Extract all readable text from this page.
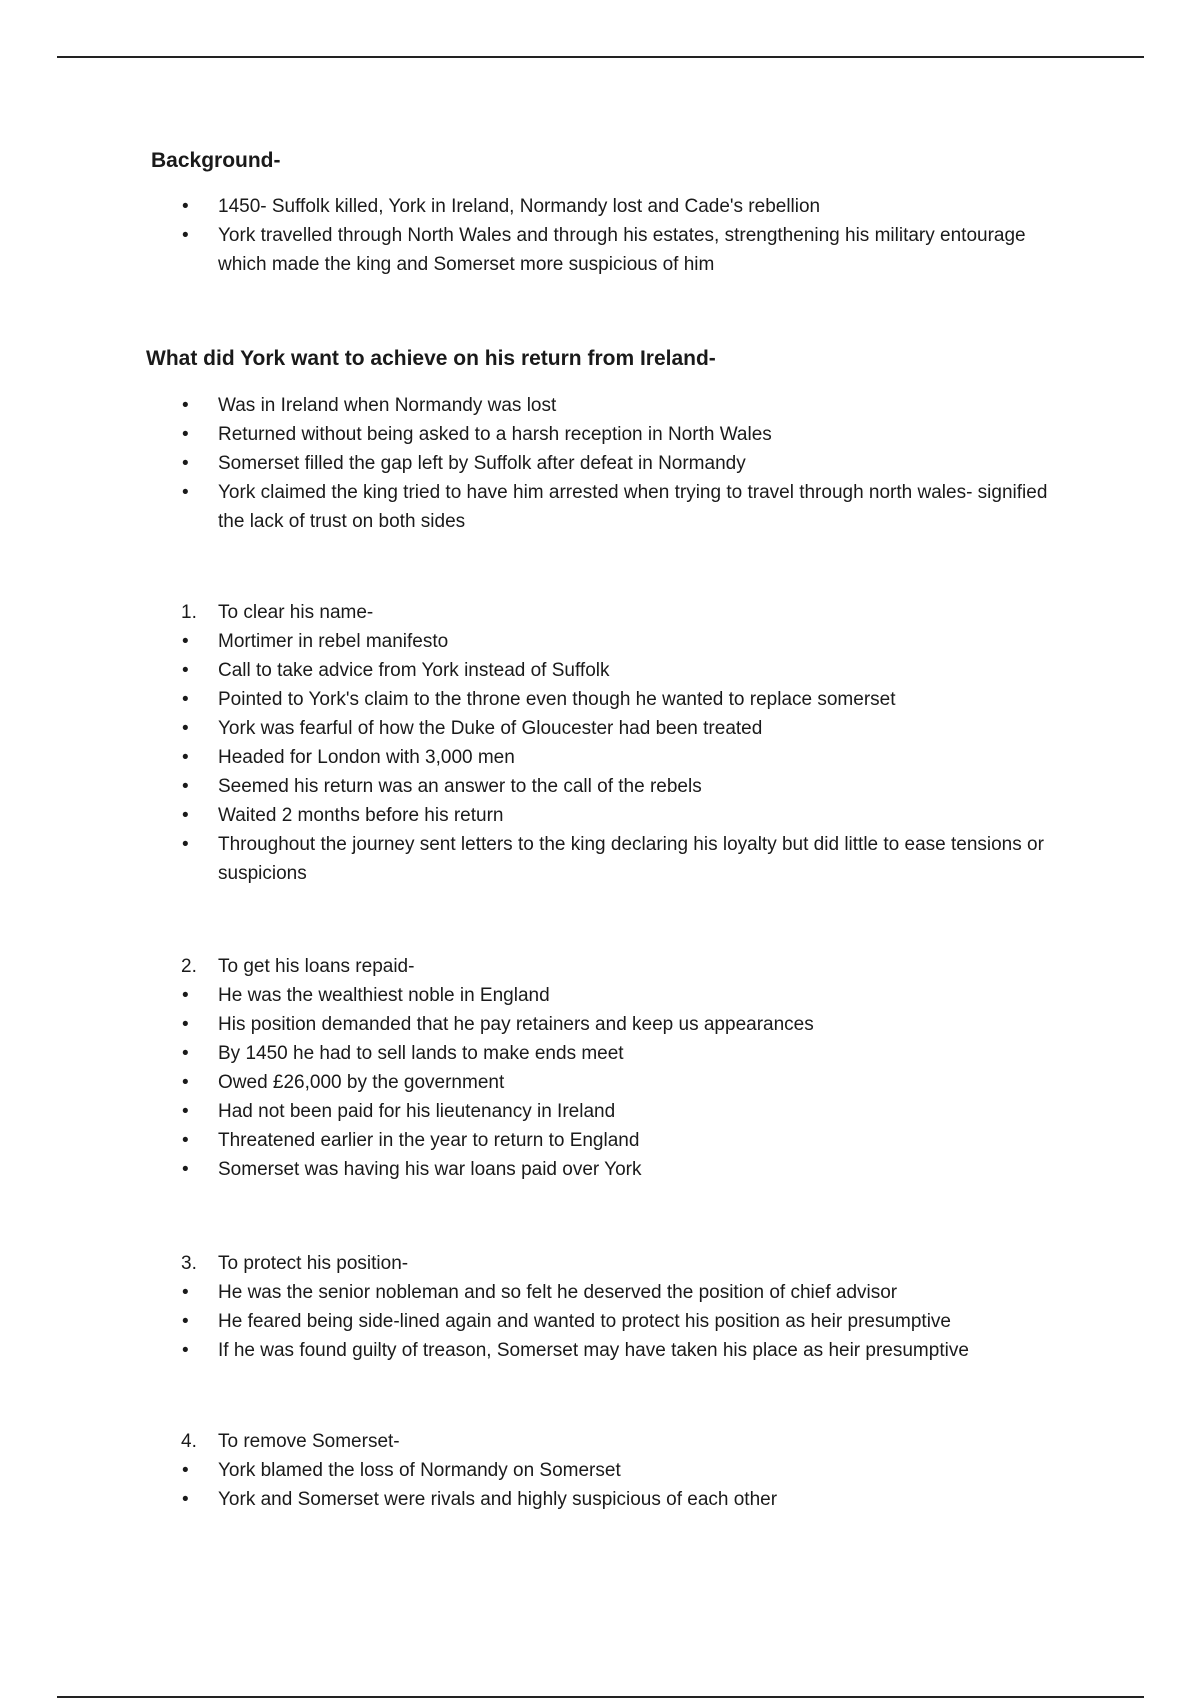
Background-
• 1450- Suffolk killed, York in Ireland, Normandy lost and Cade's rebellion
• York travelled through North Wales and through his estates, strengthening his military entourage which made the king and Somerset more suspicious of him
What did York want to achieve on his return from Ireland-
• Was in Ireland when Normandy was lost
• Returned without being asked to a harsh reception in North Wales
• Somerset filled the gap left by Suffolk after defeat in Normandy
• York claimed the king tried to have him arrested when trying to travel through north wales- signified the lack of trust on both sides
1. To clear his name-
• Mortimer in rebel manifesto
• Call to take advice from York instead of Suffolk
• Pointed to York's claim to the throne even though he wanted to replace somerset
• York was fearful of how the Duke of Gloucester had been treated
• Headed for London with 3,000 men
• Seemed his return was an answer to the call of the rebels
• Waited 2 months before his return
• Throughout the journey sent letters to the king declaring his loyalty but did little to ease tensions or suspicions
2. To get his loans repaid-
• He was the wealthiest noble in England
• His position demanded that he pay retainers and keep us appearances
• By 1450 he had to sell lands to make ends meet
• Owed £26,000 by the government
• Had not been paid for his lieutenancy in Ireland
• Threatened earlier in the year to return to England
• Somerset was having his war loans paid over York
3. To protect his position-
• He was the senior nobleman and so felt he deserved the position of chief advisor
• He feared being side-lined again and wanted to protect his position as heir presumptive
• If he was found guilty of treason, Somerset may have taken his place as heir presumptive
4. To remove Somerset-
• York blamed the loss of Normandy on Somerset
• York and Somerset were rivals and highly suspicious of each other
